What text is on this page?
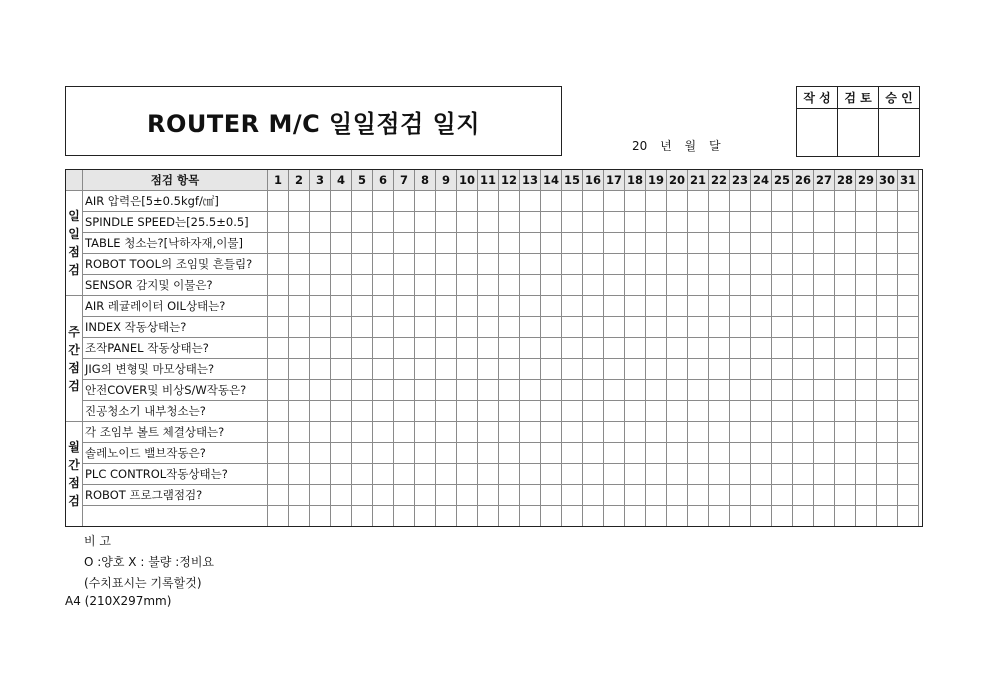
ROUTER M/C 일일점검 일지
20 년 월 달
작 성	검 토	승 인

	점검 항목	1	2	3	4	5	6	7	8	9	10	11	12	13	14	15	16	17	18	19	20	21	22	23	24	25	26	27	28	29	30	31
일일점검	AIR 압력은[5±0.5kgf/㎠]																															
	SPINDLE SPEED는[25.5±0.5]																															
	TABLE 청소는?[낙하자재,이물]																															
	ROBOT TOOL의 조임및 흔들림?																															
	SENSOR 감지및 이물은?																															
주간점검	AIR 레귤레이터 OIL상태는?																															
	INDEX 작동상태는?																															
	조작PANEL 작동상태는?																															
	JIG의 변형및 마모상태는?																															
	안전COVER및 비상S/W작동은?																															
	진공청소기 내부청소는?																															
월간점검	각 조임부 볼트 체결상태는?																															
	솔레노이드 밸브작동은?																															
	PLC CONTROL작동상태는?																															
	ROBOT 프로그램점검?																															

비 고
O :양호 X : 불량 :정비요
(수치표시는 기록할것)
A4 (210X297mm)
